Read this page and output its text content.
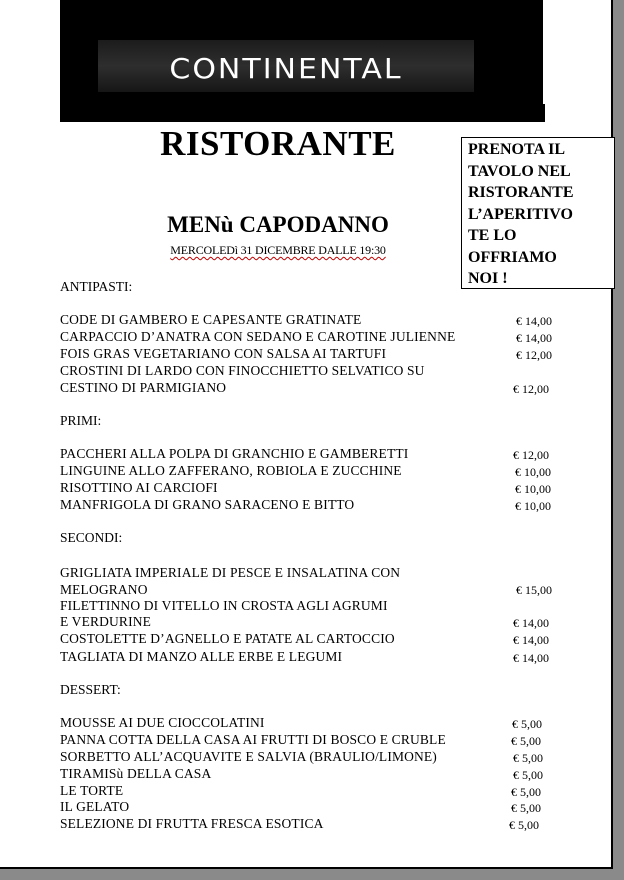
CONTINENTAL
RISTORANTE
MENù CAPODANNO
MERCOLEDì 31 DICEMBRE DALLE 19:30
PRENOTA IL
TAVOLO NEL
RISTORANTE
L’APERITIVO
TE LO
OFFRIAMO
NOI !
ANTIPASTI:
CODE DI GAMBERO E CAPESANTE GRATINATE	€ 14,00
CARPACCIO D’ANATRA CON SEDANO E CAROTINE JULIENNE	€ 14,00
FOIS GRAS VEGETARIANO CON SALSA AI TARTUFI	€ 12,00
CROSTINI DI LARDO CON FINOCCHIETTO SELVATICO SU
CESTINO DI PARMIGIANO	€ 12,00
PRIMI:
PACCHERI ALLA POLPA DI GRANCHIO E GAMBERETTI	€ 12,00
LINGUINE ALLO ZAFFERANO, ROBIOLA E ZUCCHINE	€ 10,00
RISOTTINO AI CARCIOFI	€ 10,00
MANFRIGOLA DI GRANO SARACENO E BITTO	€ 10,00
SECONDI:
GRIGLIATA IMPERIALE DI PESCE E INSALATINA CON
MELOGRANO	€ 15,00
FILETTINNO DI VITELLO IN CROSTA AGLI AGRUMI
E VERDURINE	€ 14,00
COSTOLETTE D’AGNELLO E PATATE AL CARTOCCIO	€ 14,00
TAGLIATA DI MANZO ALLE ERBE E LEGUMI	€ 14,00
DESSERT:
MOUSSE AI DUE CIOCCOLATINI	€ 5,00
PANNA COTTA DELLA CASA AI FRUTTI DI BOSCO E CRUBLE	€ 5,00
SORBETTO ALL’ACQUAVITE E SALVIA (BRAULIO/LIMONE)	€ 5,00
TIRAMISù DELLA CASA	€ 5,00
LE TORTE	€ 5,00
IL GELATO	€ 5,00
SELEZIONE DI FRUTTA FRESCA ESOTICA	€ 5,00
